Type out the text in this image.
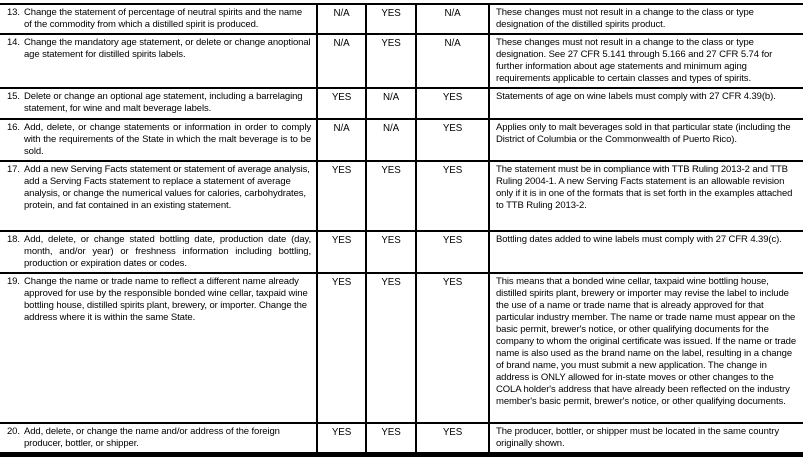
13. Change the statement of percentage of neutral spirits and the name of the commodity from which a distilled spirit is produced.
N/A	YES	N/A	These changes must not result in a change to the class or type designation of the distilled spirits product.
14. Change the mandatory age statement, or delete or change anoptional age statement for distilled spirits labels.
N/A	YES	N/A	These changes must not result in a change to the class or type designation. See 27 CFR 5.141 through 5.166 and 27 CFR 5.74 for further information about age statements and minimum aging requirements applicable to certain classes and types of spirits.
15. Delete or change an optional age statement, including a barrelaging statement, for wine and malt beverage labels.
YES	N/A	YES	Statements of age on wine labels must comply with 27 CFR 4.39(b).
16. Add, delete, or change statements or information in order to comply with the requirements of the State in which the malt beverage is to be sold.
N/A	N/A	YES	Applies only to malt beverages sold in that particular state (including the District of Columbia or the Commonwealth of Puerto Rico).
17. Add a new Serving Facts statement or statement of average analysis, add a Serving Facts statement to replace a statement of average analysis, or change the numerical values for calories, carbohydrates, protein, and fat contained in an existing statement.
YES	YES	YES	The statement must be in compliance with TTB Ruling 2013-2 and TTB Ruling 2004-1. A new Serving Facts statement is an allowable revision only if it is in one of the formats that is set forth in the examples attached to TTB Ruling 2013-2.
18. Add, delete, or change stated bottling date, production date (day, month, and/or year) or freshness information including bottling, production or expiration dates or codes.
YES	YES	YES	Bottling dates added to wine labels must comply with 27 CFR 4.39(c).
19. Change the name or trade name to reflect a different name already approved for use by the responsible bonded wine cellar, taxpaid wine bottling house, distilled spirits plant, brewery, or importer. Change the address where it is within the same State.
YES	YES	YES	This means that a bonded wine cellar, taxpaid wine bottling house, distilled spirits plant, brewery or importer may revise the label to include the use of a name or trade name that is already approved for that particular industry member. The name or trade name must appear on the basic permit, brewer's notice, or other qualifying documents for the company to whom the original certificate was issued. If the name or trade name is also used as the brand name on the label, resulting in a change of brand name, you must submit a new application. The change in address is ONLY allowed for in-state moves or other changes to the COLA holder's address that have already been reflected on the industry member's basic permit, brewer's notice, or other qualifying documents.
20. Add, delete, or change the name and/or address of the foreign producer, bottler, or shipper.
YES	YES	YES	The producer, bottler, or shipper must be located in the same country originally shown.
